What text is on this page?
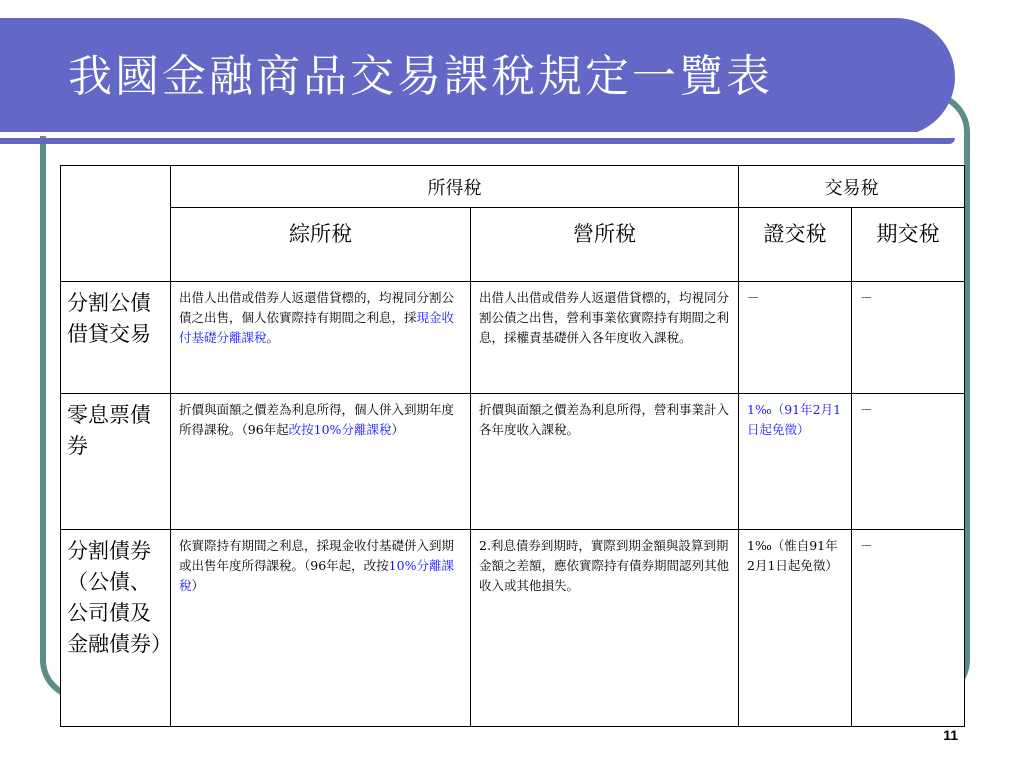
我國金融商品交易課稅規定一覽表
	所得稅		交易稅	
	綜所稅	營所稅	證交稅	期交稅
分割公債借貸交易	出借人出借或借券人返還借貸標的，均視同分割公債之出售，個人依實際持有期間之利息，採現金收付基礎分離課稅。	出借人出借或借券人返還借貸標的，均視同分割公債之出售，營利事業依實際持有期間之利息，採權責基礎併入各年度收入課稅。	－	－
零息票債券	折價與面額之價差為利息所得，個人併入到期年度所得課稅。（96年起改按10%分離課稅）	折價與面額之價差為利息所得，營利事業計入各年度收入課稅。	1‰（91年2月1日起免徵）	－
分割債券（公債、公司債及金融債券）	依實際持有期間之利息，採現金收付基礎併入到期或出售年度所得課稅。（96年起，改按10%分離課稅）	2.利息債券到期時，實際到期金額與設算到期金額之差額，應依實際持有債券期間認列其他收入或其他損失。	1‰（惟自91年2月1日起免徵）	－
11
